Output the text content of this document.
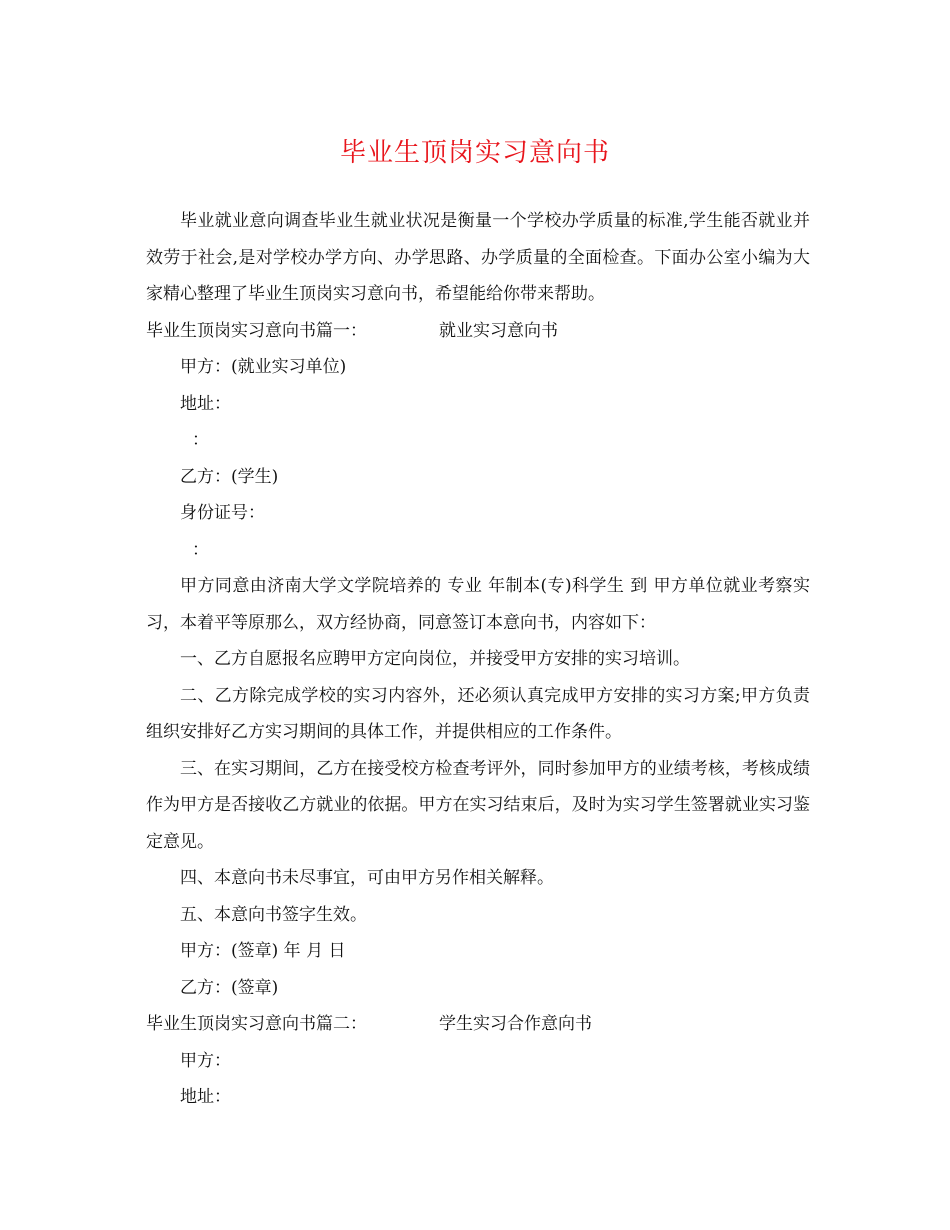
毕业生顶岗实习意向书

毕业就业意向调查毕业生就业状况是衡量一个学校办学质量的标准,学生能否就业并效劳于社会,是对学校办学方向、办学思路、办学质量的全面检查。下面办公室小编为大家精心整理了毕业生顶岗实习意向书，希望能给你带来帮助。

毕业生顶岗实习意向书篇一：	就业实习意向书

甲方：(就业实习单位)

地址：

：

乙方：(学生)

身份证号：

：

甲方同意由济南大学文学院培养的 专业 年制本(专)科学生 到 甲方单位就业考察实习，本着平等原那么，双方经协商，同意签订本意向书，内容如下：

一、乙方自愿报名应聘甲方定向岗位，并接受甲方安排的实习培训。

二、乙方除完成学校的实习内容外，还必须认真完成甲方安排的实习方案;甲方负责组织安排好乙方实习期间的具体工作，并提供相应的工作条件。

三、在实习期间，乙方在接受校方检查考评外，同时参加甲方的业绩考核，考核成绩作为甲方是否接收乙方就业的依据。甲方在实习结束后，及时为实习学生签署就业实习鉴定意见。

四、本意向书未尽事宜，可由甲方另作相关解释。

五、本意向书签字生效。

甲方：(签章) 年 月 日

乙方：(签章)

毕业生顶岗实习意向书篇二：	学生实习合作意向书

甲方：

地址：
